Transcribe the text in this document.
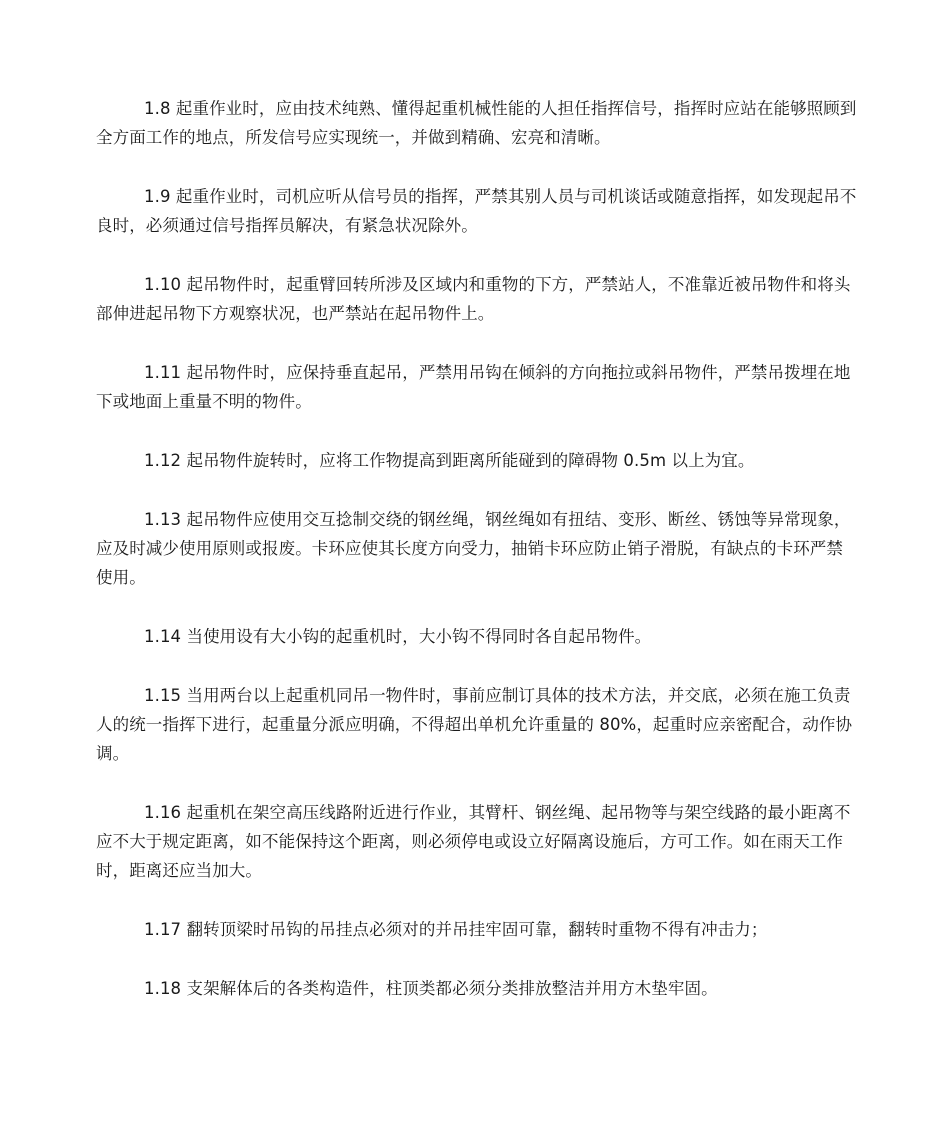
1.8 起重作业时，应由技术纯熟、懂得起重机械性能的人担任指挥信号，指挥时应站在能够照顾到全方面工作的地点，所发信号应实现统一，并做到精确、宏亮和清晰。

1.9 起重作业时，司机应听从信号员的指挥，严禁其别人员与司机谈话或随意指挥，如发现起吊不良时，必须通过信号指挥员解决，有紧急状况除外。

1.10 起吊物件时，起重臂回转所涉及区域内和重物的下方，严禁站人，不准靠近被吊物件和将头部伸进起吊物下方观察状况，也严禁站在起吊物件上。

1.11 起吊物件时，应保持垂直起吊，严禁用吊钩在倾斜的方向拖拉或斜吊物件，严禁吊拨埋在地下或地面上重量不明的物件。

1.12 起吊物件旋转时，应将工作物提高到距离所能碰到的障碍物 0.5m 以上为宜。

1.13 起吊物件应使用交互捻制交绕的钢丝绳，钢丝绳如有扭结、变形、断丝、锈蚀等异常现象，应及时减少使用原则或报废。卡环应使其长度方向受力，抽销卡环应防止销子滑脱，有缺点的卡环严禁使用。

1.14 当使用设有大小钩的起重机时，大小钩不得同时各自起吊物件。

1.15 当用两台以上起重机同吊一物件时，事前应制订具体的技术方法，并交底，必须在施工负责人的统一指挥下进行，起重量分派应明确，不得超出单机允许重量的 80%，起重时应亲密配合，动作协调。

1.16 起重机在架空高压线路附近进行作业，其臂杆、钢丝绳、起吊物等与架空线路的最小距离不应不大于规定距离，如不能保持这个距离，则必须停电或设立好隔离设施后，方可工作。如在雨天工作时，距离还应当加大。

1.17 翻转顶梁时吊钩的吊挂点必须对的并吊挂牢固可靠，翻转时重物不得有冲击力；

1.18 支架解体后的各类构造件，柱顶类都必须分类排放整洁并用方木垫牢固。
